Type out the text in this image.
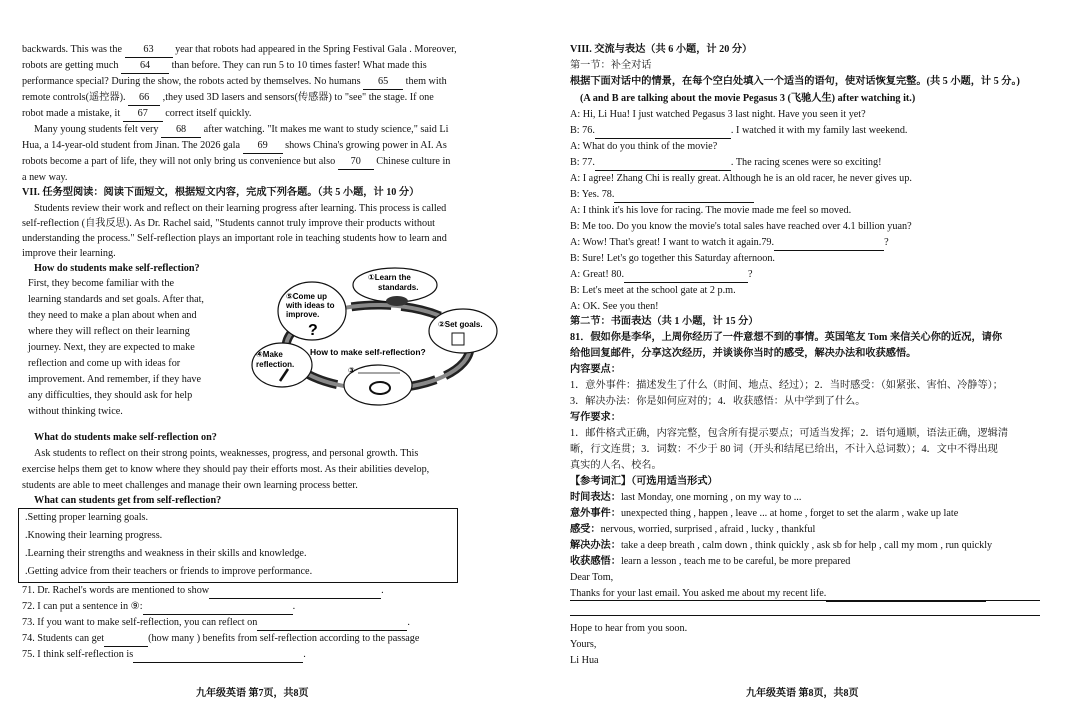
backwards. This was the 63 year that robots had appeared in the Spring Festival Gala . Moreover,
robots are getting much 64 than before. They can run 5 to 10 times faster! What made this
performance special? During the show, the robots acted by themselves. No humans 65 them with
remote controls(遥控器). 66 ,they used 3D lasers and sensors(传感器) to "see" the stage. If one
robot made a mistake, it 67 correct itself quickly.
Many young students felt very 68 after watching. "It makes me want to study science," said Li
Hua, a 14-year-old student from Jinan. The 2026 gala 69 shows China's growing power in AI. As
robots become a part of life, they will not only bring us convenience but also 70 Chinese culture in
a new way.
VII. 任务型阅读：阅读下面短文，根据短文内容，完成下列各题。（共 5 小题，计 10 分）
Students review their work and reflect on their learning progress after learning. This process is called
self-reflection (自我反思). As Dr. Rachel said, "Students cannot truly improve their products without
understanding the process." Self-reflection plays an important role in teaching students how to learn and
improve their learning.
How do students make self-reflection?
First, they become familiar with the
learning standards and set goals. After that,
they need to make a plan about when and
where they will reflect on their learning
journey. Next, they are expected to make
reflection and come up with ideas for
improvement. And remember, if they have
any difficulties, they should ask for help
without thinking twice.
How to make self-reflection?
①Learn the
standards.
②Set goals.
③
④Make
reflection.
⑤Come up
with ideas to
improve.
?
What do students make self-reflection on?
Ask students to reflect on their strong points, weaknesses, progress, and personal growth. This
exercise helps them get to know where they should pay their efforts most. As their abilities develop,
students are able to meet challenges and manage their own learning process better.
What can students get from self-reflection?
.Setting proper learning goals.
.Knowing their learning progress.
.Learning their strengths and weakness in their skills and knowledge.
.Getting advice from their teachers or friends to improve performance.
71. Dr. Rachel's words are mentioned to show	.
72. I can put a sentence in ⑨:	.
73. If you want to make self-reflection, you can reflect on	.
74. Students can get	(how many ) benefits from self-reflection according to the passage
75. I think self-reflection is	.
九年级英语 第7页，共8页
VIII. 交流与表达（共 6 小题，计 20 分）
第一节：补全对话
根据下面对话中的情景，在每个空白处填入一个适当的语句，使对话恢复完整。(共 5 小题，计 5 分。)
(A and B are talking about the movie Pegasus 3 (飞驰人生) after watching it.)
A: Hi, Li Hua! I just watched Pegasus 3 last night. Have you seen it yet?
B: 76.	. I watched it with my family last weekend.
A: What do you think of the movie?
B: 77.	. The racing scenes were so exciting!
A: I agree! Zhang Chi is really great. Although he is an old racer, he never gives up.
B: Yes. 78.
A: I think it's his love for racing. The movie made me feel so moved.
B: Me too. Do you know the movie's total sales have reached over 4.1 billion yuan?
A: Wow! That's great! I want to watch it again.79.	?
B: Sure! Let's go together this Saturday afternoon.
A: Great! 80.	?
B: Let's meet at the school gate at 2 p.m.
A: OK. See you then!
第二节：书面表达（共 1 小题，计 15 分）
81．假如你是李华，上周你经历了一件意想不到的事情。英国笔友 Tom 来信关心你的近况，请你
给他回复邮件，分享这次经历，并谈谈你当时的感受，解决办法和收获感悟。
内容要点：
1．意外事件：描述发生了什么（时间、地点、经过）；2．当时感受：（如紧张、害怕、冷静等）；
3．解决办法：你是如何应对的；4．收获感悟：从中学到了什么。
写作要求：
1．邮件格式正确，内容完整，包含所有提示要点；可适当发挥；2．语句通顺，语法正确，逻辑清
晰，行文连贯；3．词数：不少于 80 词（开头和结尾已给出，不计入总词数）；4．文中不得出现
真实的人名、校名。
【参考词汇】（可选用适当形式）
时间表达：last Monday, one morning , on my way to ...
意外事件：unexpected thing , happen , leave ... at home , forget to set the alarm , wake up late
感受：nervous, worried, surprised , afraid , lucky , thankful
解决办法：take a deep breath , calm down , think quickly , ask sb for help , call my mom , run quickly
收获感悟：learn a lesson , teach me to be careful, be more prepared
Dear Tom,
Thanks for your last email. You asked me about my recent life.
Hope to hear from you soon.
Yours,
Li Hua
九年级英语 第8页，共8页
